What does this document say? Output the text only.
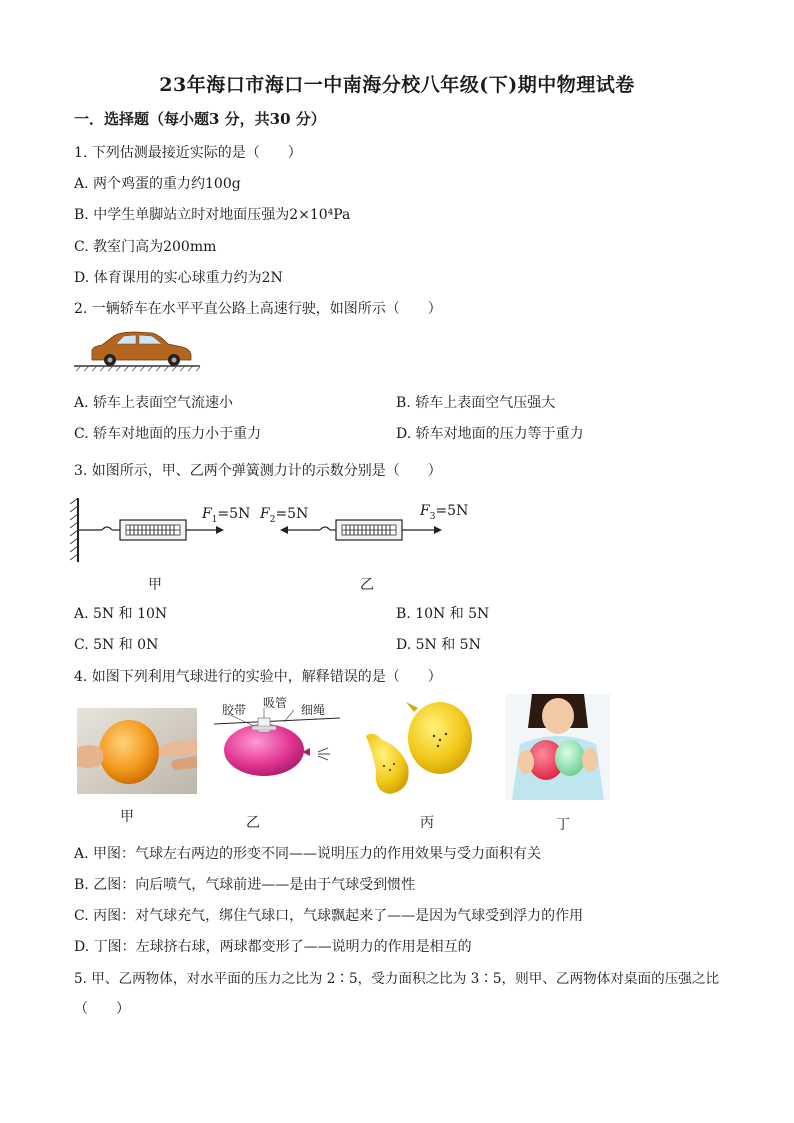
23年海口市海口一中南海分校八年级(下)期中物理试卷
一．选择题（每小题3 分，共30 分）
1. 下列估测最接近实际的是（　　）
A. 两个鸡蛋的重力约100g
B. 中学生单脚站立时对地面压强为2×10⁴Pa
C. 教室门高为200mm
D. 体育课用的实心球重力约为2N
2. 一辆轿车在水平平直公路上高速行驶，如图所示（　　）
A. 轿车上表面空气流速小	B. 轿车上表面空气压强大
C. 轿车对地面的压力小于重力	D. 轿车对地面的压力等于重力
3. 如图所示，甲、乙两个弹簧测力计的示数分别是（　　）
$F_1=5N$ $F_2=5N$	$F_3=5N$
甲	乙
A. 5N 和 10N	B. 10N 和 5N
C. 5N 和 0N	D. 5N 和 5N
4. 如图下列利用气球进行的实验中，解释错误的是（　　）
胶带 吸管 细绳
甲	乙	丙	丁
A. 甲图：气球左右两边的形变不同——说明压力的作用效果与受力面积有关
B. 乙图：向后喷气，气球前进——是由于气球受到惯性
C. 丙图：对气球充气，绑住气球口，气球飘起来了——是因为气球受到浮力的作用
D. 丁图：左球挤右球，两球都变形了——说明力的作用是相互的
5. 甲、乙两物体，对水平面的压力之比为 2∶5，受力面积之比为 3∶5，则甲、乙两物体对桌面的压强之比
（　　）
